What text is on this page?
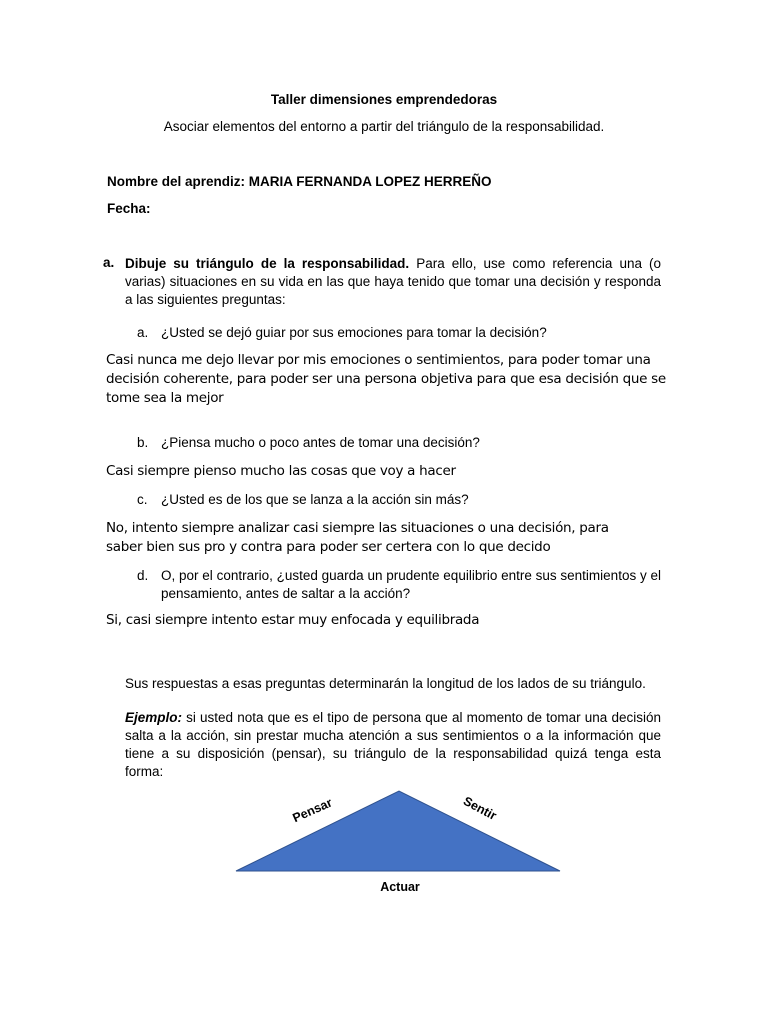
Taller dimensiones emprendedoras
Asociar elementos del entorno a partir del triángulo de la responsabilidad.
Nombre del aprendiz: MARIA FERNANDA LOPEZ HERREÑO
Fecha:
a. Dibuje su triángulo de la responsabilidad. Para ello, use como referencia una (o varias) situaciones en su vida en las que haya tenido que tomar una decisión y responda a las siguientes preguntas:
a. ¿Usted se dejó guiar por sus emociones para tomar la decisión?
Casi nunca me dejo llevar por mis emociones o sentimientos, para poder tomar una decisión coherente, para poder ser una persona objetiva para que esa decisión que se tome sea la mejor
b. ¿Piensa mucho o poco antes de tomar una decisión?
Casi siempre pienso mucho las cosas que voy a hacer
c. ¿Usted es de los que se lanza a la acción sin más?
No, intento siempre analizar casi siempre las situaciones o una decisión, para saber bien sus pro y contra para poder ser certera con lo que decido
d. O, por el contrario, ¿usted guarda un prudente equilibrio entre sus sentimientos y el pensamiento, antes de saltar a la acción?
Si, casi siempre intento estar muy enfocada y equilibrada
Sus respuestas a esas preguntas determinarán la longitud de los lados de su triángulo.
Ejemplo: si usted nota que es el tipo de persona que al momento de tomar una decisión salta a la acción, sin prestar mucha atención a sus sentimientos o a la información que tiene a su disposición (pensar), su triángulo de la responsabilidad quizá tenga esta forma:
Pensar	Sentir
Actuar
